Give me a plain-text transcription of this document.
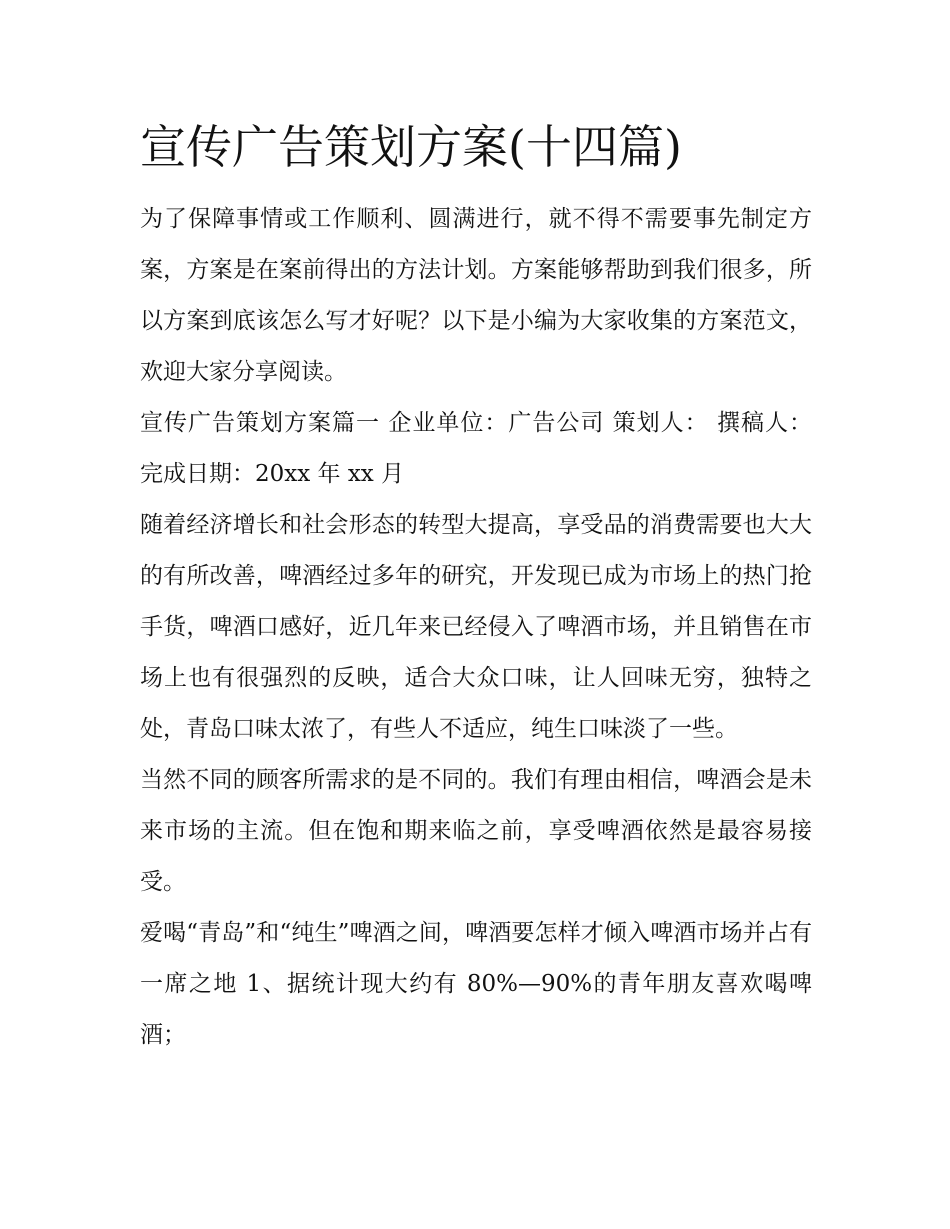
宣传广告策划方案(十四篇)

为了保障事情或工作顺利、圆满进行，就不得不需要事先制定方案，方案是在案前得出的方法计划。方案能够帮助到我们很多，所以方案到底该怎么写才好呢？以下是小编为大家收集的方案范文，欢迎大家分享阅读。

宣传广告策划方案篇一 企业单位：广告公司 策划人： 撰稿人： 完成日期：20xx 年 xx 月

随着经济增长和社会形态的转型大提高，享受品的消费需要也大大的有所改善，啤酒经过多年的研究，开发现已成为市场上的热门抢手货，啤酒口感好，近几年来已经侵入了啤酒市场，并且销售在市场上也有很强烈的反映，适合大众口味，让人回味无穷，独特之处，青岛口味太浓了，有些人不适应，纯生口味淡了一些。

当然不同的顾客所需求的是不同的。我们有理由相信，啤酒会是未来市场的主流。但在饱和期来临之前，享受啤酒依然是最容易接受。

爱喝“青岛”和“纯生”啤酒之间，啤酒要怎样才倾入啤酒市场并占有一席之地 1、据统计现大约有 80%—90%的青年朋友喜欢喝啤酒；
